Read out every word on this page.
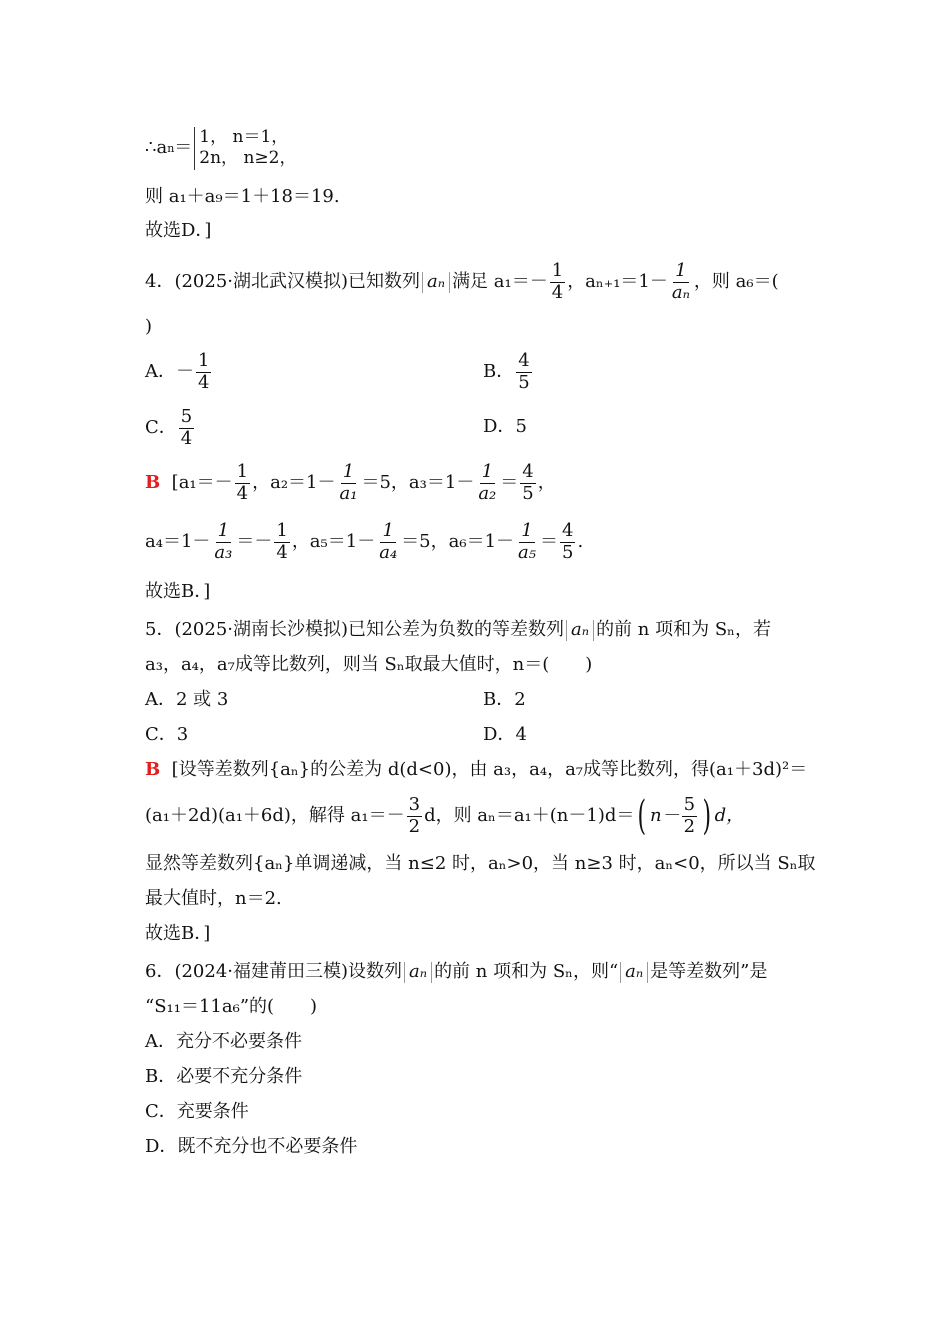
∴a n ＝
1， n＝1，
2n， n≥2，
则 a₁＋a₉＝1＋18＝19.
故选D．]
4． (2025·湖北武汉模拟)已知数列 aₙ 满足 $a_1=- \frac{1}{4}$ ，$a_{n+1}=1- \frac{1}{\text{aₙ}}$ ，则 a₆＝(
)
A． － $\frac{1}{4}$	B． $\frac{4}{5}$
C． $\frac{5}{4}$	D． 5
B
[$a_1=- \frac{1}{4}$ ，$a_2=1- \frac{1}{\text{a₁}} =5$，$a_3=1- \frac{1}{\text{a₂}} = \frac{4}{5}$ ，
$a_4=1- \frac{1}{\text{a₃}} =- \frac{1}{4}$ ，$a_5=1- \frac{1}{\text{a₄}} =5$，$a_6=1- \frac{1}{\text{a₅}} = \frac{4}{5}$ .
故选B．]
5． (2025·湖南长沙模拟)已知公差为负数的等差数列 aₙ 的前 n 项和为 Sₙ，若
a₃，a₄，a₇成等比数列，则当 Sₙ取最大值时，n＝(　　)
A． 2 或 3	B． 2
C． 3	D． 4
B
[设等差数列{aₙ}的公差为 d(d<0)，由 a₃，a₄，a₇成等比数列，得(a₁＋3d)²＝
(a₁＋2d)(a₁＋6d)，解得 $a_1=- \frac{3}{2}$ d，则 aₙ＝a₁＋(n－1)d＝ ( $n- \frac{5}{2}$ ) d，
显然等差数列{aₙ}单调递减，当 n≤2 时，aₙ>0，当 n≥3 时，aₙ<0，所以当 Sₙ取
最大值时，n＝2.
故选B．]
6． (2024·福建莆田三模)设数列 aₙ 的前 n 项和为 Sₙ，则“ aₙ 是等差数列”是
“S₁₁＝11a₆”的(　　)
A． 充分不必要条件
B． 必要不充分条件
C． 充要条件
D． 既不充分也不必要条件
